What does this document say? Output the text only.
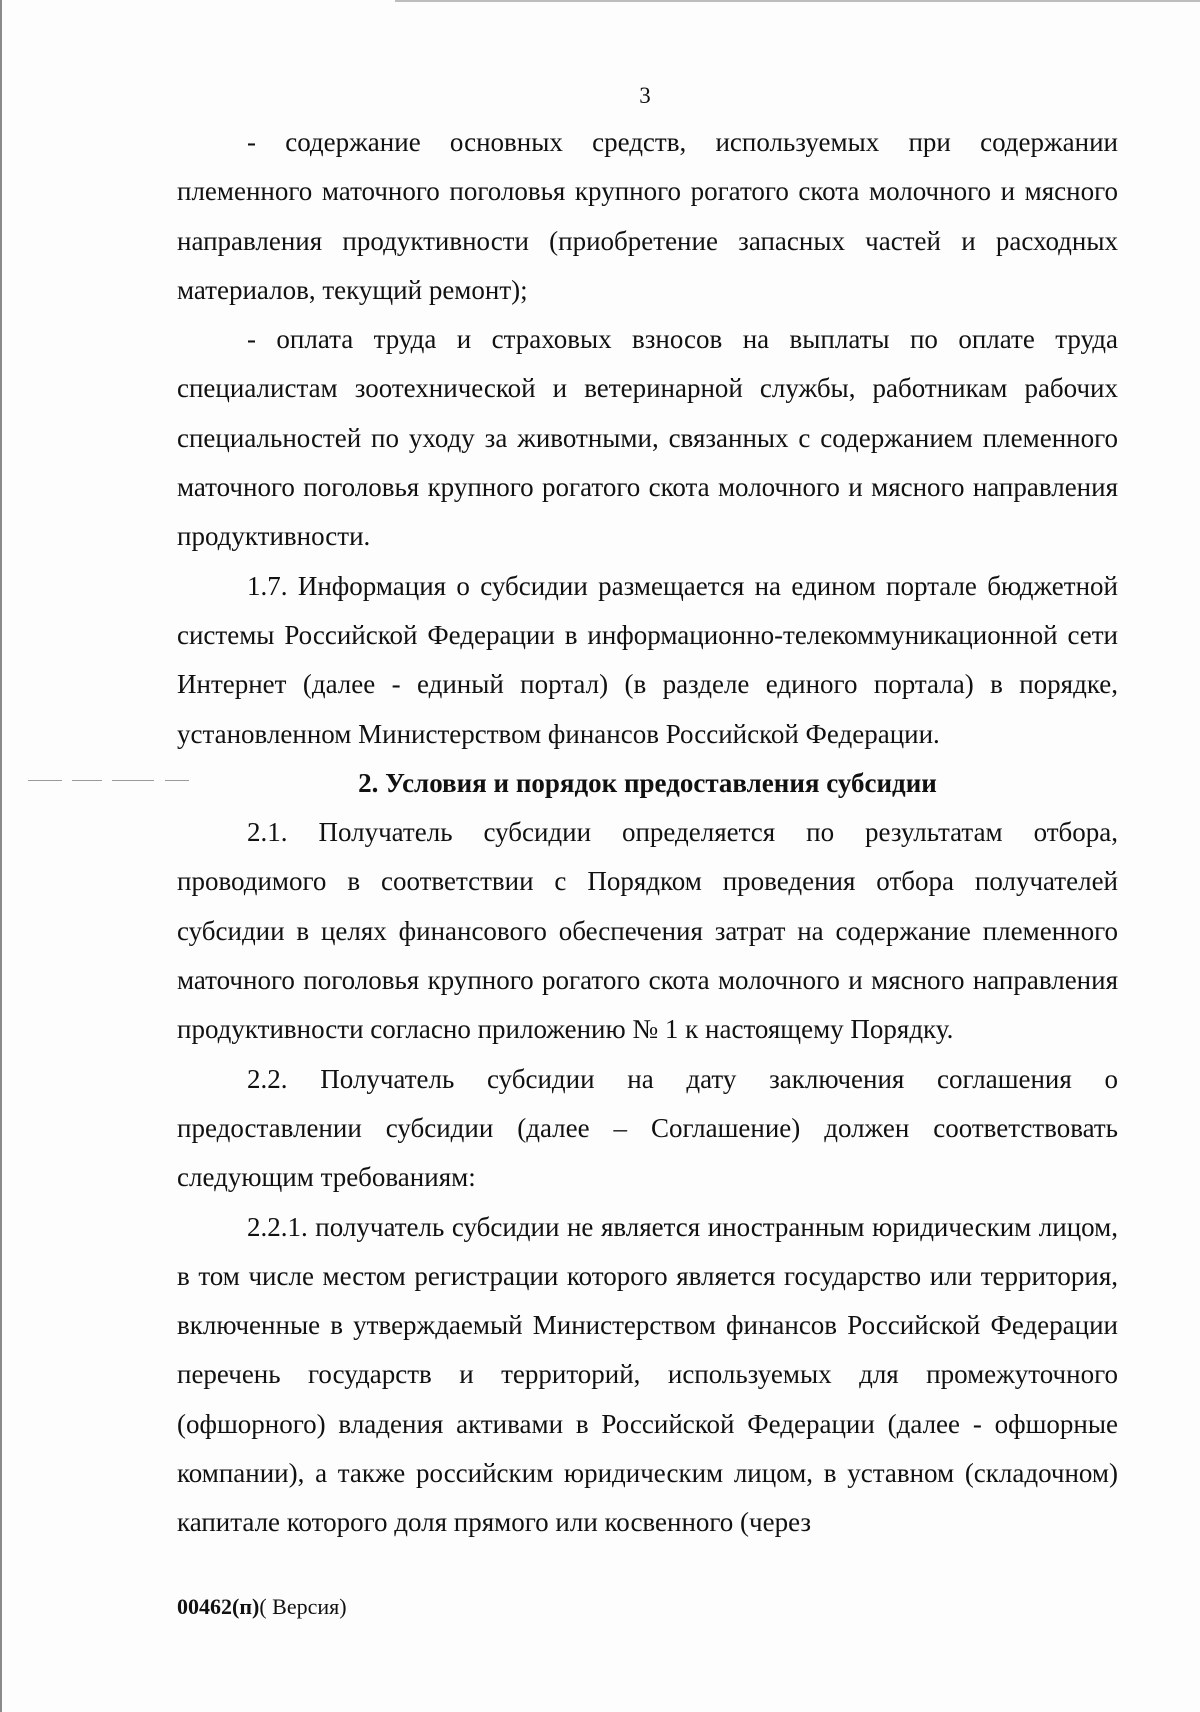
3

- содержание основных средств, используемых при содержании племенного маточного поголовья крупного рогатого скота молочного и мясного направления продуктивности (приобретение запасных частей и расходных материалов, текущий ремонт);

- оплата труда и страховых взносов на выплаты по оплате труда специалистам зоотехнической и ветеринарной службы, работникам рабочих специальностей по уходу за животными, связанных с содержанием племенного маточного поголовья крупного рогатого скота молочного и мясного направления продуктивности.

1.7. Информация о субсидии размещается на едином портале бюджетной системы Российской Федерации в информационно-телекоммуникационной сети Интернет (далее - единый портал) (в разделе единого портала) в порядке, установленном Министерством финансов Российской Федерации.

2. Условия и порядок предоставления субсидии

2.1. Получатель субсидии определяется по результатам отбора, проводимого в соответствии с Порядком проведения отбора получателей субсидии в целях финансового обеспечения затрат на содержание племенного маточного поголовья крупного рогатого скота молочного и мясного направления продуктивности согласно приложению № 1 к настоящему Порядку.

2.2. Получатель субсидии на дату заключения соглашения о предоставлении субсидии (далее – Соглашение) должен соответствовать следующим требованиям:

2.2.1. получатель субсидии не является иностранным юридическим лицом, в том числе местом регистрации которого является государство или территория, включенные в утверждаемый Министерством финансов Российской Федерации перечень государств и территорий, используемых для промежуточного (офшорного) владения активами в Российской Федерации (далее - офшорные компании), а также российским юридическим лицом, в уставном (складочном) капитале которого доля прямого или косвенного (через

00462(п)( Версия)
